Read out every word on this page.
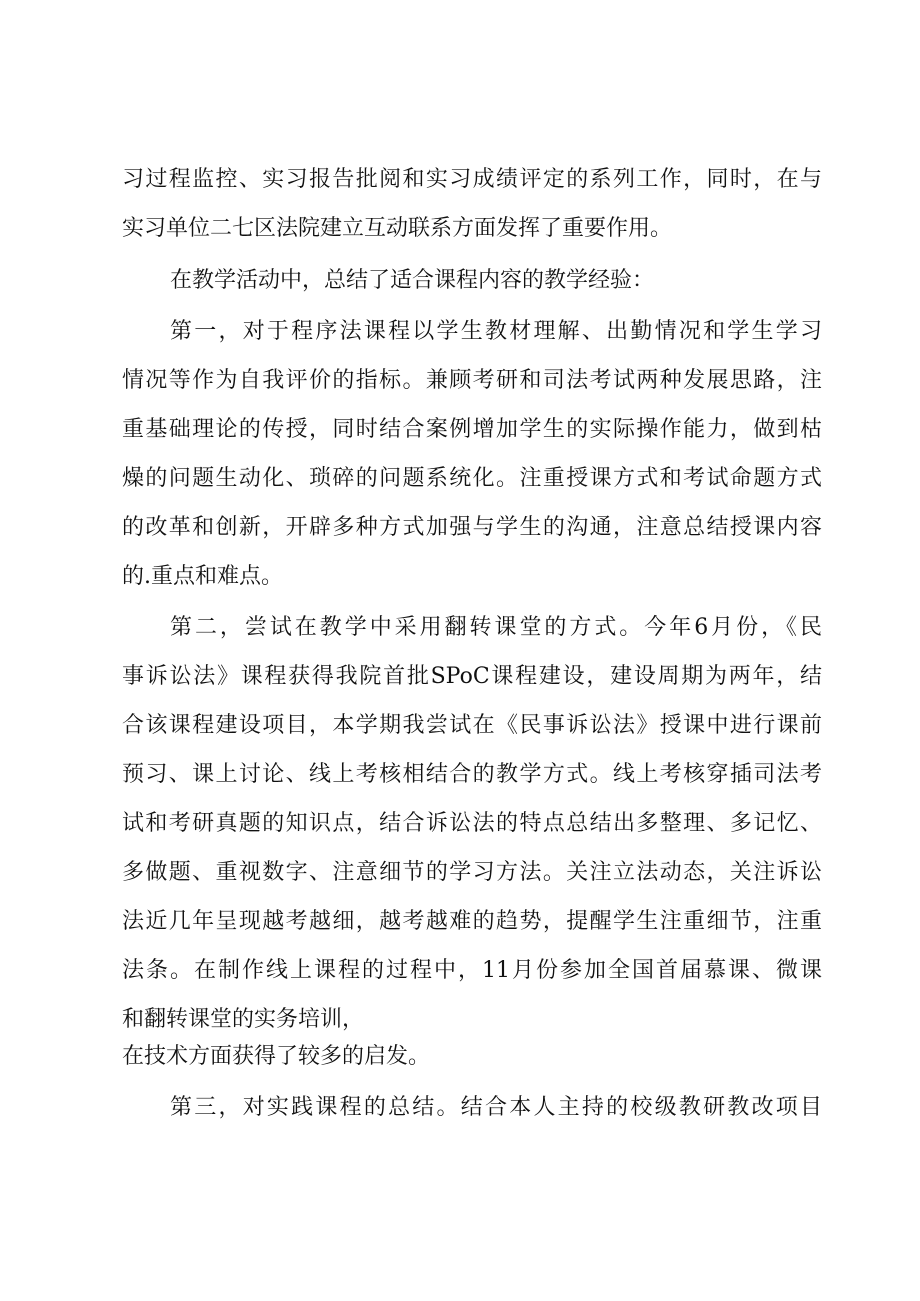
习过程监控、实习报告批阅和实习成绩评定的系列工作，同时，在与
实习单位二七区法院建立互动联系方面发挥了重要作用。
在教学活动中，总结了适合课程内容的教学经验：
第一，对于程序法课程以学生教材理解、出勤情况和学生学习
情况等作为自我评价的指标。兼顾考研和司法考试两种发展思路，注
重基础理论的传授，同时结合案例增加学生的实际操作能力，做到枯
燥的问题生动化、琐碎的问题系统化。注重授课方式和考试命题方式
的改革和创新，开辟多种方式加强与学生的沟通，注意总结授课内容
的.重点和难点。
第二，尝试在教学中采用翻转课堂的方式。今年6月份，《民
事诉讼法》课程获得我院首批SPoC课程建设，建设周期为两年，结
合该课程建设项目，本学期我尝试在《民事诉讼法》授课中进行课前
预习、课上讨论、线上考核相结合的教学方式。线上考核穿插司法考
试和考研真题的知识点，结合诉讼法的特点总结出多整理、多记忆、
多做题、重视数字、注意细节的学习方法。关注立法动态，关注诉讼
法近几年呈现越考越细，越考越难的趋势，提醒学生注重细节，注重
法条。在制作线上课程的过程中，11月份参加全国首届慕课、微课
和翻转课堂的实务培训，
在技术方面获得了较多的启发。
第三，对实践课程的总结。结合本人主持的校级教研教改项目
